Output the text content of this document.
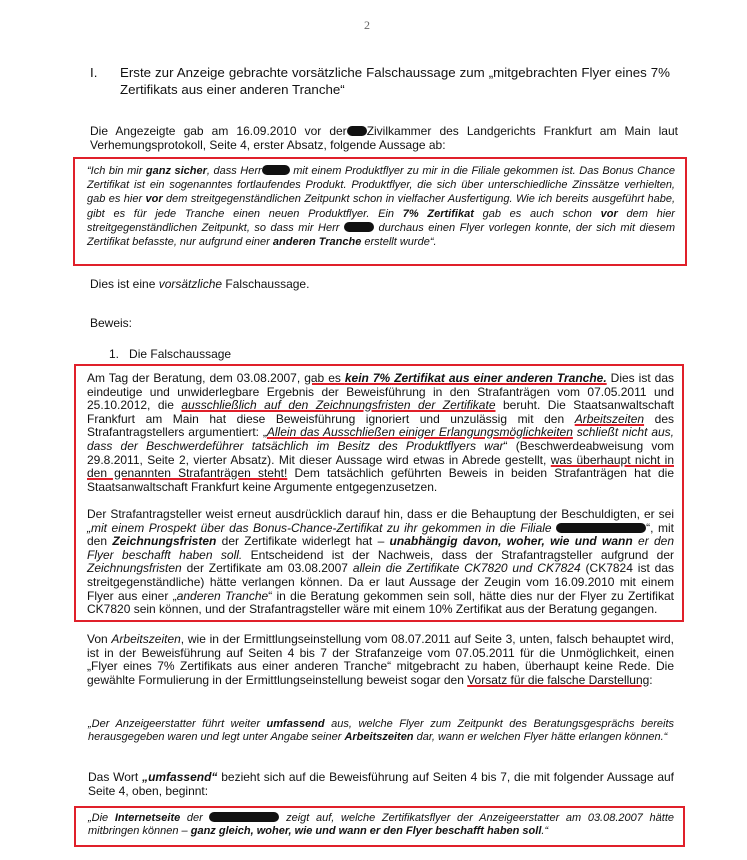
2
I. Erste zur Anzeige gebrachte vorsätzliche Falschaussage zum „mitgebrachten Flyer eines 7% Zertifikats aus einer anderen Tranche“
Die Angezeigte gab am 16.09.2010 vor der Zivilkammer des Landgerichts Frankfurt am Main laut Verhemungsprotokoll, Seite 4, erster Absatz, folgende Aussage ab:
“Ich bin mir ganz sicher, dass Herr	mit einem Produktflyer zu mir in die Filiale gekommen ist. Das Bonus Chance Zertifikat ist ein sogenanntes fortlaufendes Produkt. Produktflyer, die sich über unterschiedliche Zinssätze verhielten, gab es hier vor dem streitgegenständlichen Zeitpunkt schon in vielfacher Ausfertigung. Wie ich bereits ausgeführt habe, gibt es für jede Tranche einen neuen Produktflyer. Ein 7% Zertifikat gab es auch schon vor dem hier streitgegenständlichen Zeitpunkt, so dass mir Herr	durchaus einen Flyer vorlegen konnte, der sich mit diesem Zertifikat befasste, nur aufgrund einer anderen Tranche erstellt wurde“.
Dies ist eine vorsätzliche Falschaussage.
Beweis:
1. Die Falschaussage
Am Tag der Beratung, dem 03.08.2007, gab es kein 7% Zertifikat aus einer anderen Tranche. Dies ist das eindeutige und unwiderlegbare Ergebnis der Beweisführung in den Strafanträgen vom 07.05.2011 und 25.10.2012, die ausschließlich auf den Zeichnungsfristen der Zertifikate beruht. Die Staatsanwaltschaft Frankfurt am Main hat diese Beweisführung ignoriert und unzulässig mit den Arbeitszeiten des Strafantragstellers argumentiert: „Allein das Ausschließen einiger Erlangungsmöglichkeiten schließt nicht aus, dass der Beschwerdeführer tatsächlich im Besitz des Produktflyers war“ (Beschwerdeabweisung vom 29.8.2011, Seite 2, vierter Absatz). Mit dieser Aussage wird etwas in Abrede gestellt, was überhaupt nicht in den genannten Strafanträgen steht! Dem tatsächlich geführten Beweis in beiden Strafanträgen hat die Staatsanwaltschaft Frankfurt keine Argumente entgegenzusetzen.
Der Strafantragsteller weist erneut ausdrücklich darauf hin, dass er die Behauptung der Beschuldigten, er sei „mit einem Prospekt über das Bonus-Chance-Zertifikat zu ihr gekommen in die Filiale	“, mit den Zeichnungsfristen der Zertifikate widerlegt hat – unabhängig davon, woher, wie und wann er den Flyer beschafft haben soll. Entscheidend ist der Nachweis, dass der Strafantragsteller aufgrund der Zeichnungsfristen der Zertifikate am 03.08.2007 allein die Zertifikate CK7820 und CK7824 (CK7824 ist das streitgegenständliche) hätte verlangen können. Da er laut Aussage der Zeugin vom 16.09.2010 mit einem Flyer aus einer „anderen Tranche“ in die Beratung gekommen sein soll, hätte dies nur der Flyer zu Zertifikat CK7820 sein können, und der Strafantragsteller wäre mit einem 10% Zertifikat aus der Beratung gegangen.
Von Arbeitszeiten, wie in der Ermittlungseinstellung vom 08.07.2011 auf Seite 3, unten, falsch behauptet wird, ist in der Beweisführung auf Seiten 4 bis 7 der Strafanzeige vom 07.05.2011 für die Unmöglichkeit, einen „Flyer eines 7% Zertifikats aus einer anderen Tranche“ mitgebracht zu haben, überhaupt keine Rede. Die gewählte Formulierung in der Ermittlungseinstellung beweist sogar den Vorsatz für die falsche Darstellung:
„Der Anzeigeerstatter führt weiter umfassend aus, welche Flyer zum Zeitpunkt des Beratungsgesprächs bereits herausgegeben waren und legt unter Angabe seiner Arbeitszeiten dar, wann er welchen Flyer hätte erlangen können.“
Das Wort „umfassend“ bezieht sich auf die Beweisführung auf Seiten 4 bis 7, die mit folgender Aussage auf Seite 4, oben, beginnt:
„Die Internetseite der	zeigt auf, welche Zertifikatsflyer der Anzeigeerstatter am 03.08.2007 hätte mitbringen können – ganz gleich, woher, wie und wann er den Flyer beschafft haben soll.“
